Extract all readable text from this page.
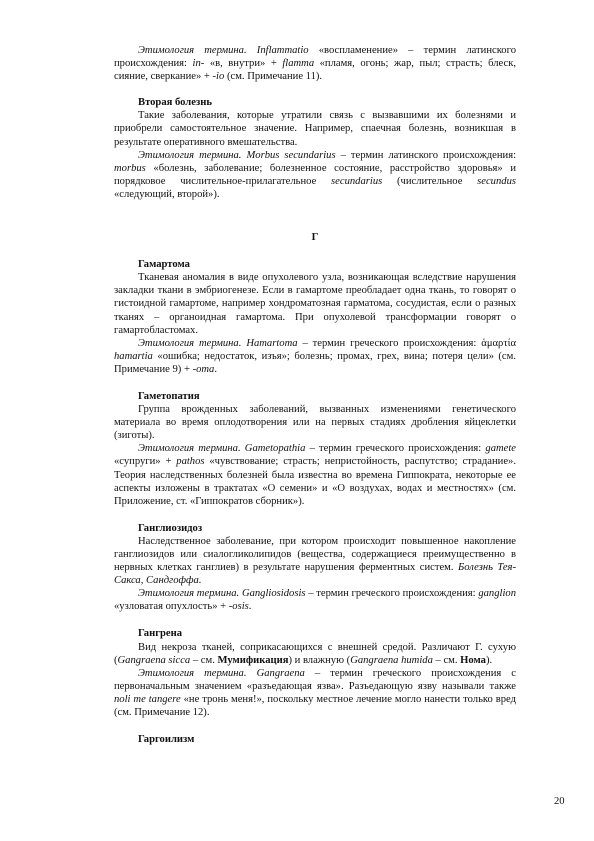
Этимология термина. Inflammatio «воспламенение» – термин латинского происхождения: in- «в, внутри» + flamma «пламя, огонь; жар, пыл; страсть; блеск, сияние, сверкание» + -io (см. Примечание 11).

Вторая болезнь

Такие заболевания, которые утратили связь с вызвавшими их болезнями и приобрели самостоятельное значение. Например, спаечная болезнь, возникшая в результате оперативного вмешательства.

Этимология термина. Morbus secundarius – термин латинского происхождения: morbus «болезнь, заболевание; болезненное состояние, расстройство здоровья» и порядковое числительное-прилагательное secundarius (числительное secundus «следующий, второй»).

Г

Гамартома

Тканевая аномалия в виде опухолевого узла, возникающая вследствие нарушения закладки ткани в эмбриогенезе. Если в гамартоме преобладает одна ткань, то говорят о гистоидной гамартоме, например хондроматозная гарматома, сосудистая, если о разных тканях – органоидная гамартома. При опухолевой трансформации говорят о гамартобластомах.

Этимология термина. Hamartoma – термин греческого происхождения: ἁμαρτία hamartia «ошибка; недостаток, изъя»; болезнь; промах, грех, вина; потеря цели» (см. Примечание 9) + -oma.

Гаметопатия

Группа врожденных заболеваний, вызванных изменениями генетического материала во время оплодотворения или на первых стадиях дробления яйцеклетки (зиготы).

Этимология термина. Gametopathia – термин греческого происхождения: gamete «супруги» + pathos «чувствование; страсть; непристойность, распутство; страдание». Теория наследственных болезней была известна во времена Гиппократа, некоторые ее аспекты изложены в трактатах «О семени» и «О воздухах, водах и местностях» (см. Приложение, ст. «Гиппократов сборник»).

Ганглиозидоз

Наследственное заболевание, при котором происходит повышенное накопление ганглиозидов или сиалогликолипидов (вещества, содержащиеся преимущественно в нервных клетках ганглиев) в результате нарушения ферментных систем. Болезнь Тея-Сакса, Сандгоффа.

Этимология термина. Gangliosidosis – термин греческого происхождения: ganglion «узловатая опухлость» + -osis.

Гангрена

Вид некроза тканей, соприкасающихся с внешней средой. Различают Г. сухую (Gangraena sicca – см. Мумификация) и влажную (Gangraena humida – см. Нома).

Этимология термина. Gangraena – термин греческого происхождения с первоначальным значением «разъедающая язва». Разъедающую язву называли также noli me tangere «не тронь меня!», поскольку местное лечение могло нанести только вред (см. Примечание 12).

Гаргоилизм

20
